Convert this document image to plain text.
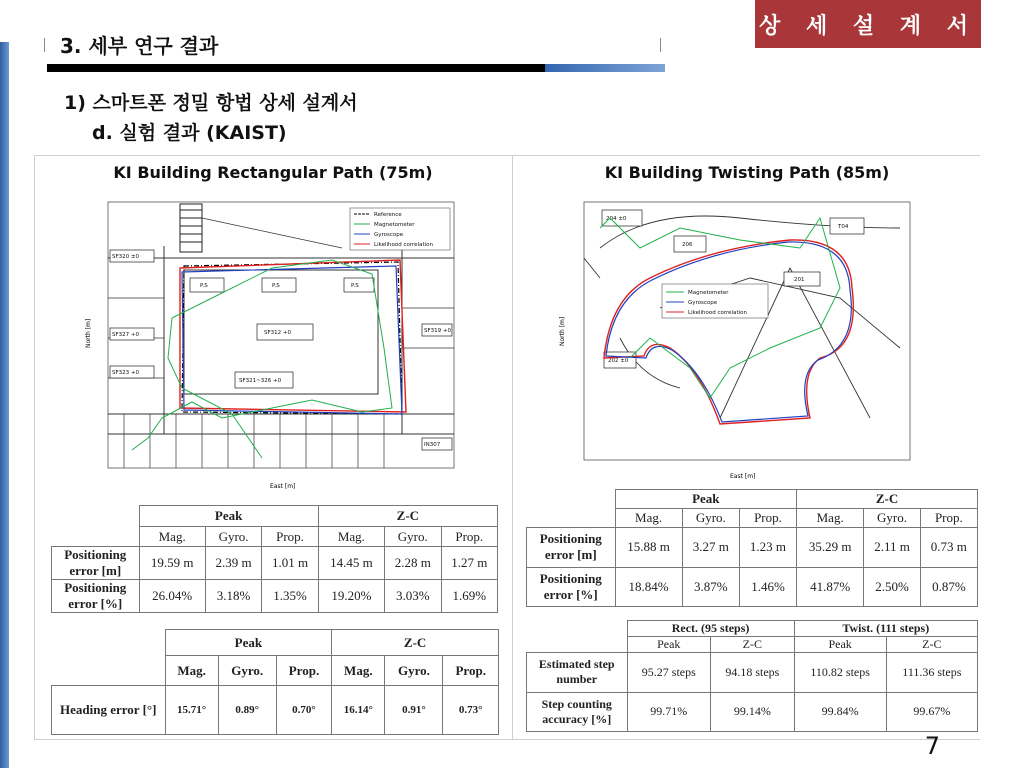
상 세 설 계 서
3. 세부 연구 결과
1) 스마트폰 정밀 항법 상세 설계서
d. 실험 결과 (KAIST)
KI Building Rectangular Path (75m)
P.S	P.S	P.S
SF312 +0
SF321~326 +0
SF320 ±0
SF327 +0
SF323 +0
SF319 +0
IN307
Reference
Magnetometer
Gyroscope
Likelihood correlation
North [m]
East [m]
	Peak			Z-C		
	Mag.	Gyro.	Prop.	Mag.	Gyro.	Prop.
Positioning error [m]	19.59 m	2.39 m	1.01 m	14.45 m	2.28 m	1.27 m
Positioning error [%]	26.04%	3.18%	1.35%	19.20%	3.03%	1.69%
	Peak			Z-C		
	Mag.	Gyro.	Prop.	Mag.	Gyro.	Prop.
Heading error [°]	15.71°	0.89°	0.70°	16.14°	0.91°	0.73°
KI Building Twisting Path (85m)
204 ±0
206
T04
201
202 ±0
Magnetometer
Gyroscope
Likelihood correlation
North [m]
East [m]
	Peak			Z-C		
	Mag.	Gyro.	Prop.	Mag.	Gyro.	Prop.
Positioning error [m]	15.88 m	3.27 m	1.23 m	35.29 m	2.11 m	0.73 m
Positioning error [%]	18.84%	3.87%	1.46%	41.87%	2.50%	0.87%
	Rect. (95 steps)		Twist. (111 steps)	
	Peak	Z-C	Peak	Z-C
Estimated step number	95.27 steps	94.18 steps	110.82 steps	111.36 steps
Step counting accuracy [%]	99.71%	99.14%	99.84%	99.67%
7
